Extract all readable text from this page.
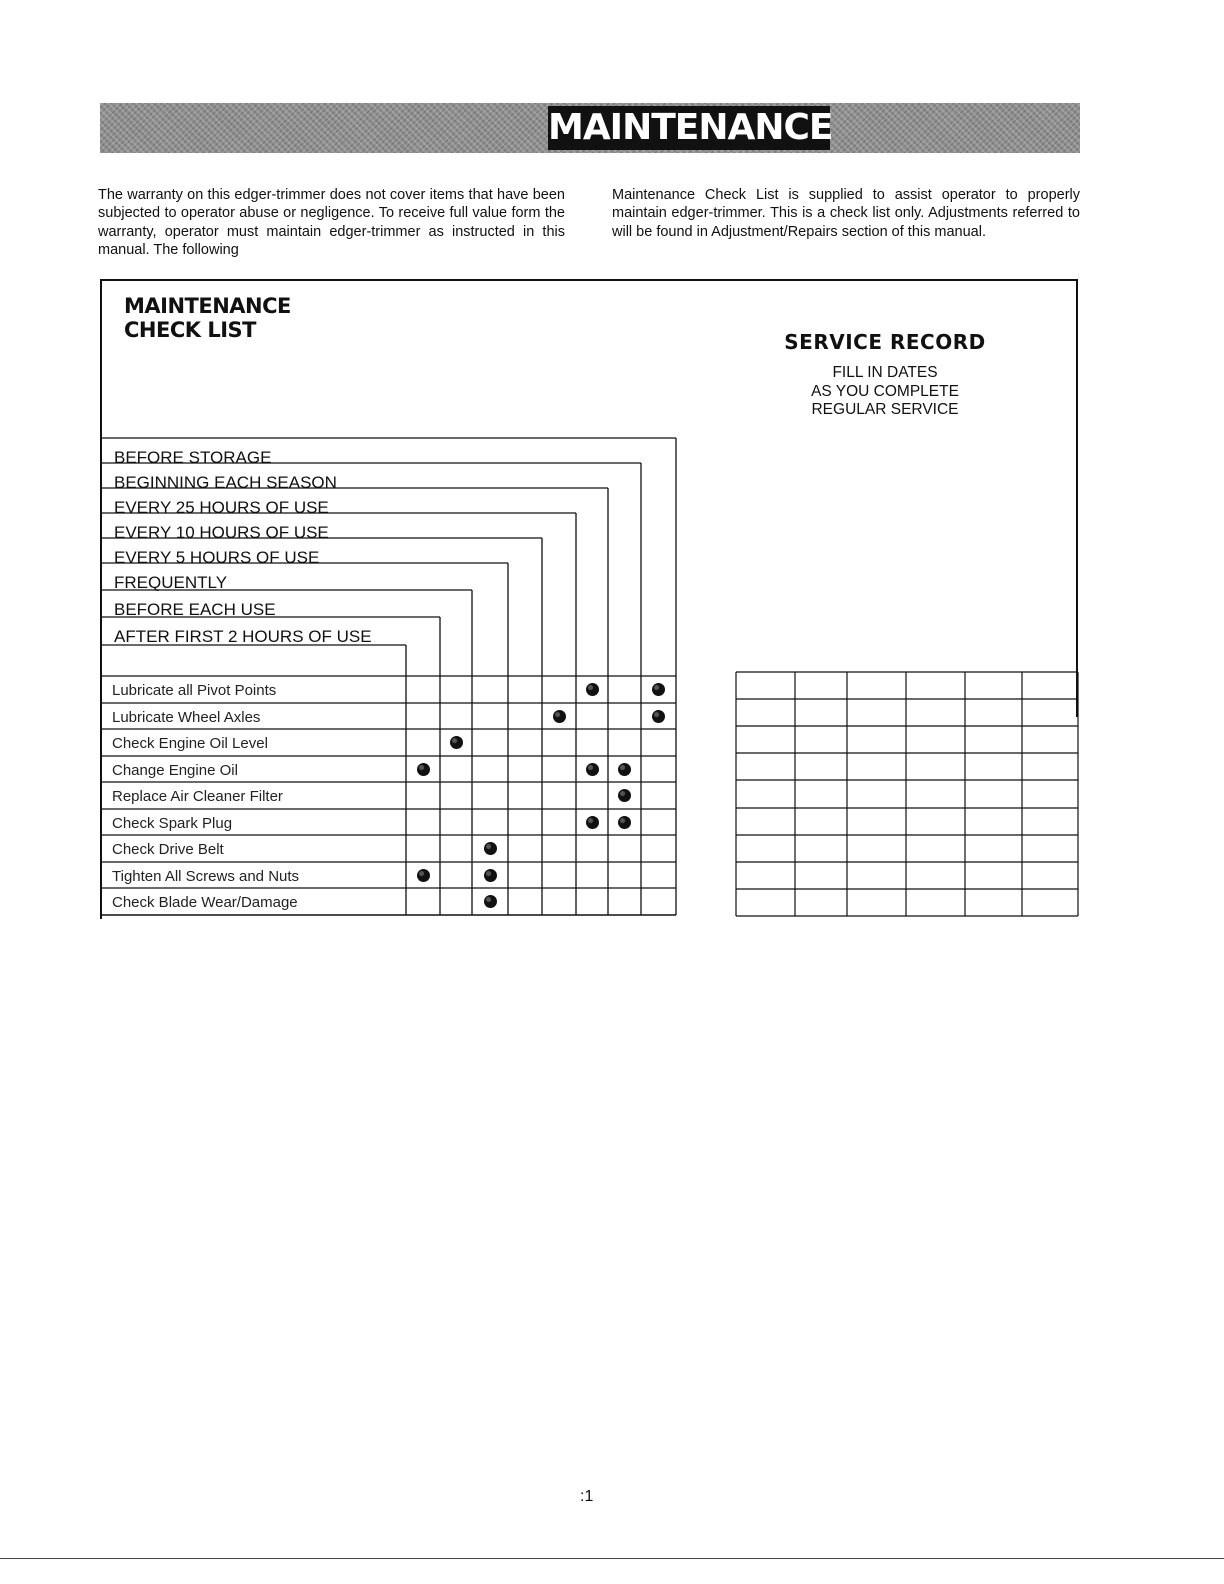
MAINTENANCE

The warranty on this edger-trimmer does not cover items that have been subjected to operator abuse or negligence. To receive full value form the warranty, operator must maintain edger-trimmer as instructed in this manual. The following

Maintenance Check List is supplied to assist operator to properly maintain edger-trimmer. This is a check list only. Adjustments referred to will be found in Adjustment/Repairs section of this manual.

MAINTENANCE
CHECK LIST	SERVICE RECORD
FILL IN DATES
AS YOU COMPLETE
REGULAR SERVICE
BEFORE STORAGE
BEGINNING EACH SEASON
EVERY 25 HOURS OF USE
EVERY 10 HOURS OF USE
EVERY 5 HOURS OF USE
FREQUENTLY
BEFORE EACH USE
AFTER FIRST 2 HOURS OF USE
Lubricate all Pivot Points
Lubricate Wheel Axles
Check Engine Oil Level
Change Engine Oil
Replace Air Cleaner Filter
Check Spark Plug
Check Drive Belt
Tighten All Screws and Nuts
Check Blade Wear/Damage
:1
